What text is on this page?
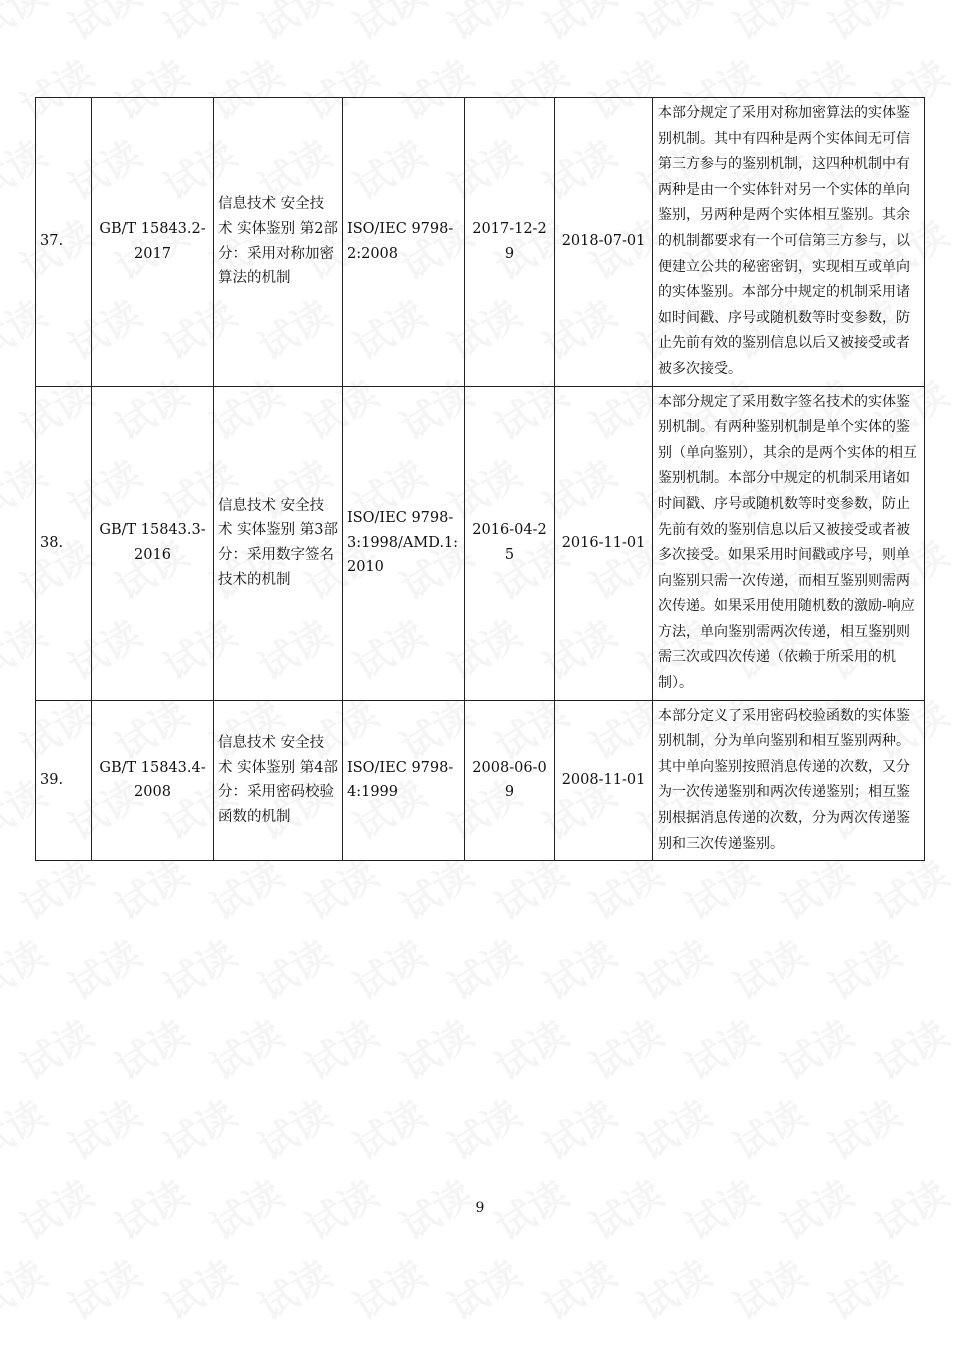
37.	GB/T 15843.2-2017	信息技术 安全技术 实体鉴别 第2部分：采用对称加密算法的机制	ISO/IEC 9798-2:2008	2017-12-29	2018-07-01	本部分规定了采用对称加密算法的实体鉴别机制。其中有四种是两个实体间无可信第三方参与的鉴别机制，这四种机制中有两种是由一个实体针对另一个实体的单向鉴别，另两种是两个实体相互鉴别。其余的机制都要求有一个可信第三方参与，以便建立公共的秘密密钥，实现相互或单向的实体鉴别。本部分中规定的机制采用诸如时间戳、序号或随机数等时变参数，防止先前有效的鉴别信息以后又被接受或者被多次接受。
38.	GB/T 15843.3-2016	信息技术 安全技术 实体鉴别 第3部分：采用数字签名技术的机制	ISO/IEC 9798-3:1998/AMD.1:2010	2016-04-25	2016-11-01	本部分规定了采用数字签名技术的实体鉴别机制。有两种鉴别机制是单个实体的鉴别（单向鉴别），其余的是两个实体的相互鉴别机制。本部分中规定的机制采用诸如时间戳、序号或随机数等时变参数，防止先前有效的鉴别信息以后又被接受或者被多次接受。如果采用时间戳或序号，则单向鉴别只需一次传递，而相互鉴别则需两次传递。如果采用使用随机数的激励-响应方法，单向鉴别需两次传递，相互鉴别则需三次或四次传递（依赖于所采用的机制）。
39.	GB/T 15843.4-2008	信息技术 安全技术 实体鉴别 第4部分：采用密码校验函数的机制	ISO/IEC 9798-4:1999	2008-06-09	2008-11-01	本部分定义了采用密码校验函数的实体鉴别机制，分为单向鉴别和相互鉴别两种。其中单向鉴别按照消息传递的次数，又分为一次传递鉴别和两次传递鉴别；相互鉴别根据消息传递的次数，分为两次传递鉴别和三次传递鉴别。
9
